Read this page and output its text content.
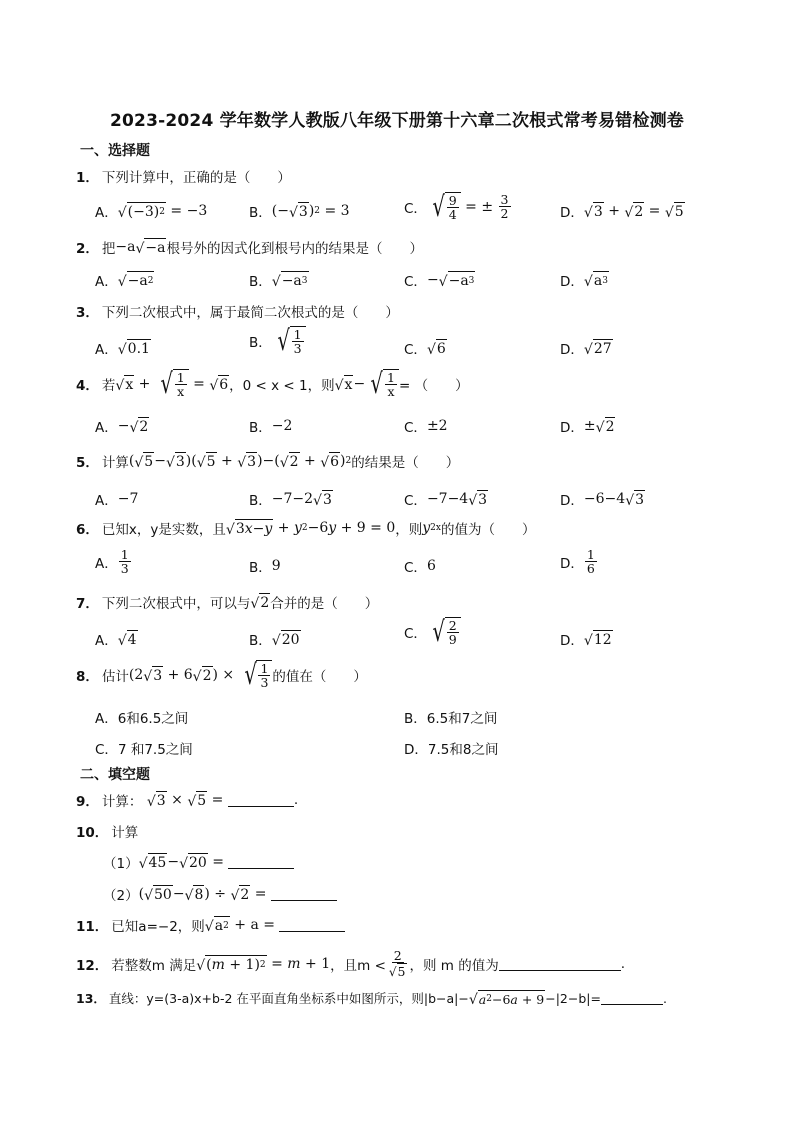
2023-2024 学年数学人教版八年级下册第十六章二次根式常考易错检测卷
一、选择题
1． 下列计算中，正确的是（　　）
A． √ (−3) 2 = −3	B． (− √ 3 ) 2 = 3	C． √ $\frac{9}{4}$ = ± $\frac{3}{2}$	D． √ 3 + √ 2 = √ 5
2． 把 −a √ −a 根号外的因式化到根号内的结果是（　　）
A． √ −a 2	B． √ −a 3	C． − √ −a 3	D． √ a 3
3． 下列二次根式中，属于最简二次根式的是（　　）
A． √ 0.1	B． √ $\frac{1}{3}$	C． √ 6	D． √ 27
4． 若 √ x + √ $\frac{1}{x}$ = √ 6 ，0 < x < 1，则 √ x − √ $\frac{1}{x}$ = （　　）
A． − √ 2	B． −2	C． ±2	D． ± √ 2
5． 计算 ( √ 5 − √ 3 )( √ 5 + √ 3 )−( √ 2 + √ 6 ) 2 的结果是（　　）
A． −7	B． −7−2 √ 3	C． −7−4 √ 3	D． −6−4 √ 3
6． 已知x，y是实数，且 √ 3 x − y + y 2 −6 y + 9 = 0 ，则 y 2x 的值为（　　）
A． $\frac{1}{3}$	B． 9	C． 6	D． $\frac{1}{6}$
7． 下列二次根式中，可以与 √ 2 合并的是（　　）
A． √ 4	B． √ 20	C． √ $\frac{2}{9}$	D． √ 12
8． 估计 (2 √ 3 + 6 √ 2 ) × √ $\frac{1}{3}$ 的值在（　　）
A． 6和6.5之间	B． 6.5和7之间
C． 7 和7.5之间	D． 7.5和8之间
二、填空题
9． 计算：
√ 3 × √ 5 =	.
10． 计算
（1） √ 45 − √ 20 =
（2） ( √ 50 − √ 8 ) ÷ √ 2 =
11． 已知a=−2，则 √ a 2 + a =
12． 若整数m 满足 √ ( m + 1) 2 = m + 1 ，且$m < \frac{2}{√ 5}$ ，则 m 的值为	.
13． 直线：y=(3-a)x+b-2 在平面直角坐标系中如图所示，则|b−a|− √ a 2 −6 a + 9 −|2−b|=	.
